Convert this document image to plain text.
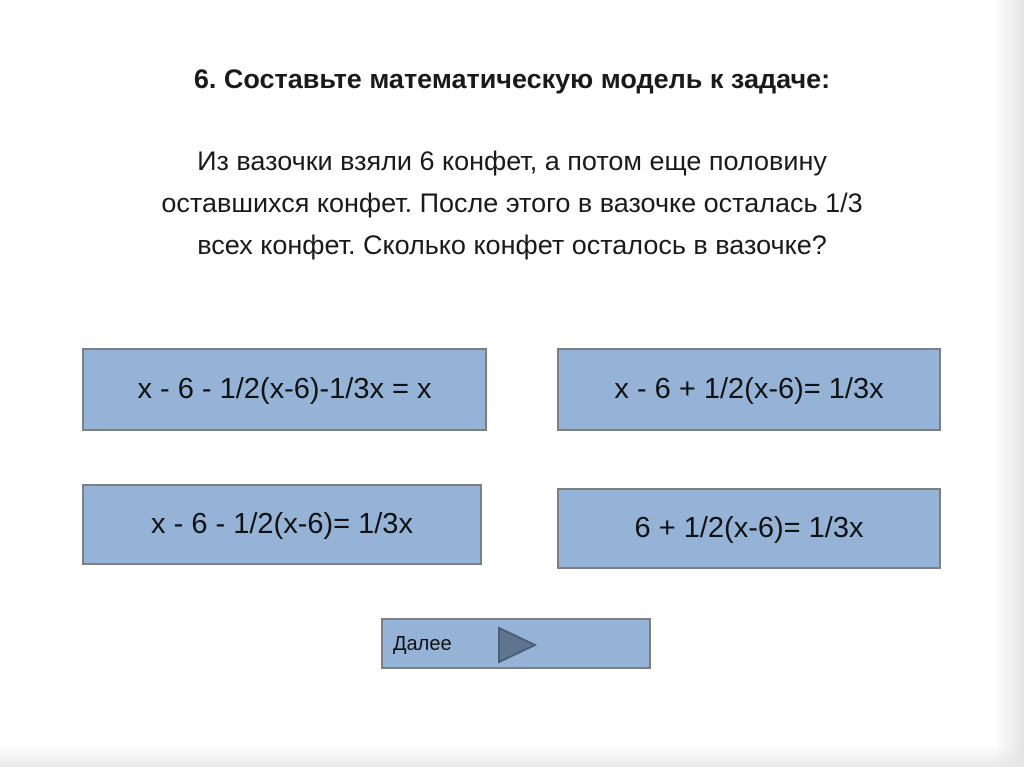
6. Составьте математическую модель к задаче:
Из вазочки взяли 6 конфет, а потом еще половину
оставшихся конфет. После этого в вазочке осталась 1/3
всех конфет. Сколько конфет осталось в вазочке?
x - 6 - 1/2(x-6)-1/3x = x	x - 6 + 1/2(x-6)= 1/3x
x - 6 - 1/2(x-6)= 1/3x	6 + 1/2(x-6)= 1/3x
Далее
